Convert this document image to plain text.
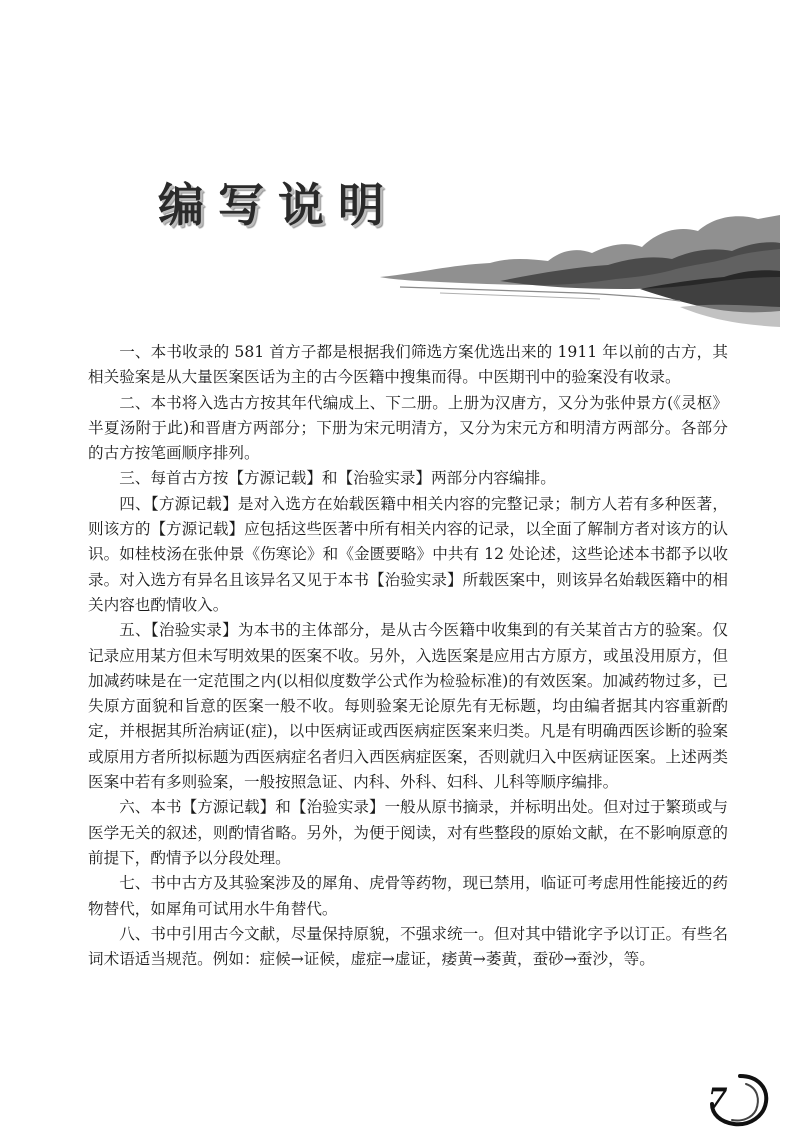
编写说明

一、本书收录的 581 首方子都是根据我们筛选方案优选出来的 1911 年以前的古方，其相关验案是从大量医案医话为主的古今医籍中搜集而得。中医期刊中的验案没有收录。

二、本书将入选古方按其年代编成上、下二册。上册为汉唐方，又分为张仲景方(《灵枢》半夏汤附于此)和晋唐方两部分；下册为宋元明清方，又分为宋元方和明清方两部分。各部分的古方按笔画顺序排列。

三、每首古方按【方源记载】和【治验实录】两部分内容编排。

四、【方源记载】是对入选方在始载医籍中相关内容的完整记录；制方人若有多种医著，则该方的【方源记载】应包括这些医著中所有相关内容的记录，以全面了解制方者对该方的认识。如桂枝汤在张仲景《伤寒论》和《金匮要略》中共有 12 处论述，这些论述本书都予以收录。对入选方有异名且该异名又见于本书【治验实录】所载医案中，则该异名始载医籍中的相关内容也酌情收入。

五、【治验实录】为本书的主体部分，是从古今医籍中收集到的有关某首古方的验案。仅记录应用某方但未写明效果的医案不收。另外，入选医案是应用古方原方，或虽没用原方，但加减药味是在一定范围之内(以相似度数学公式作为检验标准)的有效医案。加减药物过多，已失原方面貌和旨意的医案一般不收。每则验案无论原先有无标题，均由编者据其内容重新酌定，并根据其所治病证(症)，以中医病证或西医病症医案来归类。凡是有明确西医诊断的验案或原用方者所拟标题为西医病症名者归入西医病症医案，否则就归入中医病证医案。上述两类医案中若有多则验案，一般按照急证、内科、外科、妇科、儿科等顺序编排。

六、本书【方源记载】和【治验实录】一般从原书摘录，并标明出处。但对过于繁琐或与医学无关的叙述，则酌情省略。另外，为便于阅读，对有些整段的原始文献，在不影响原意的前提下，酌情予以分段处理。

七、书中古方及其验案涉及的犀角、虎骨等药物，现已禁用，临证可考虑用性能接近的药物替代，如犀角可试用水牛角替代。

八、书中引用古今文献，尽量保持原貌，不强求统一。但对其中错讹字予以订正。有些名词术语适当规范。例如：症候→证候，虚症→虚证，痿黄→萎黄，蚕砂→蚕沙，等。

7
